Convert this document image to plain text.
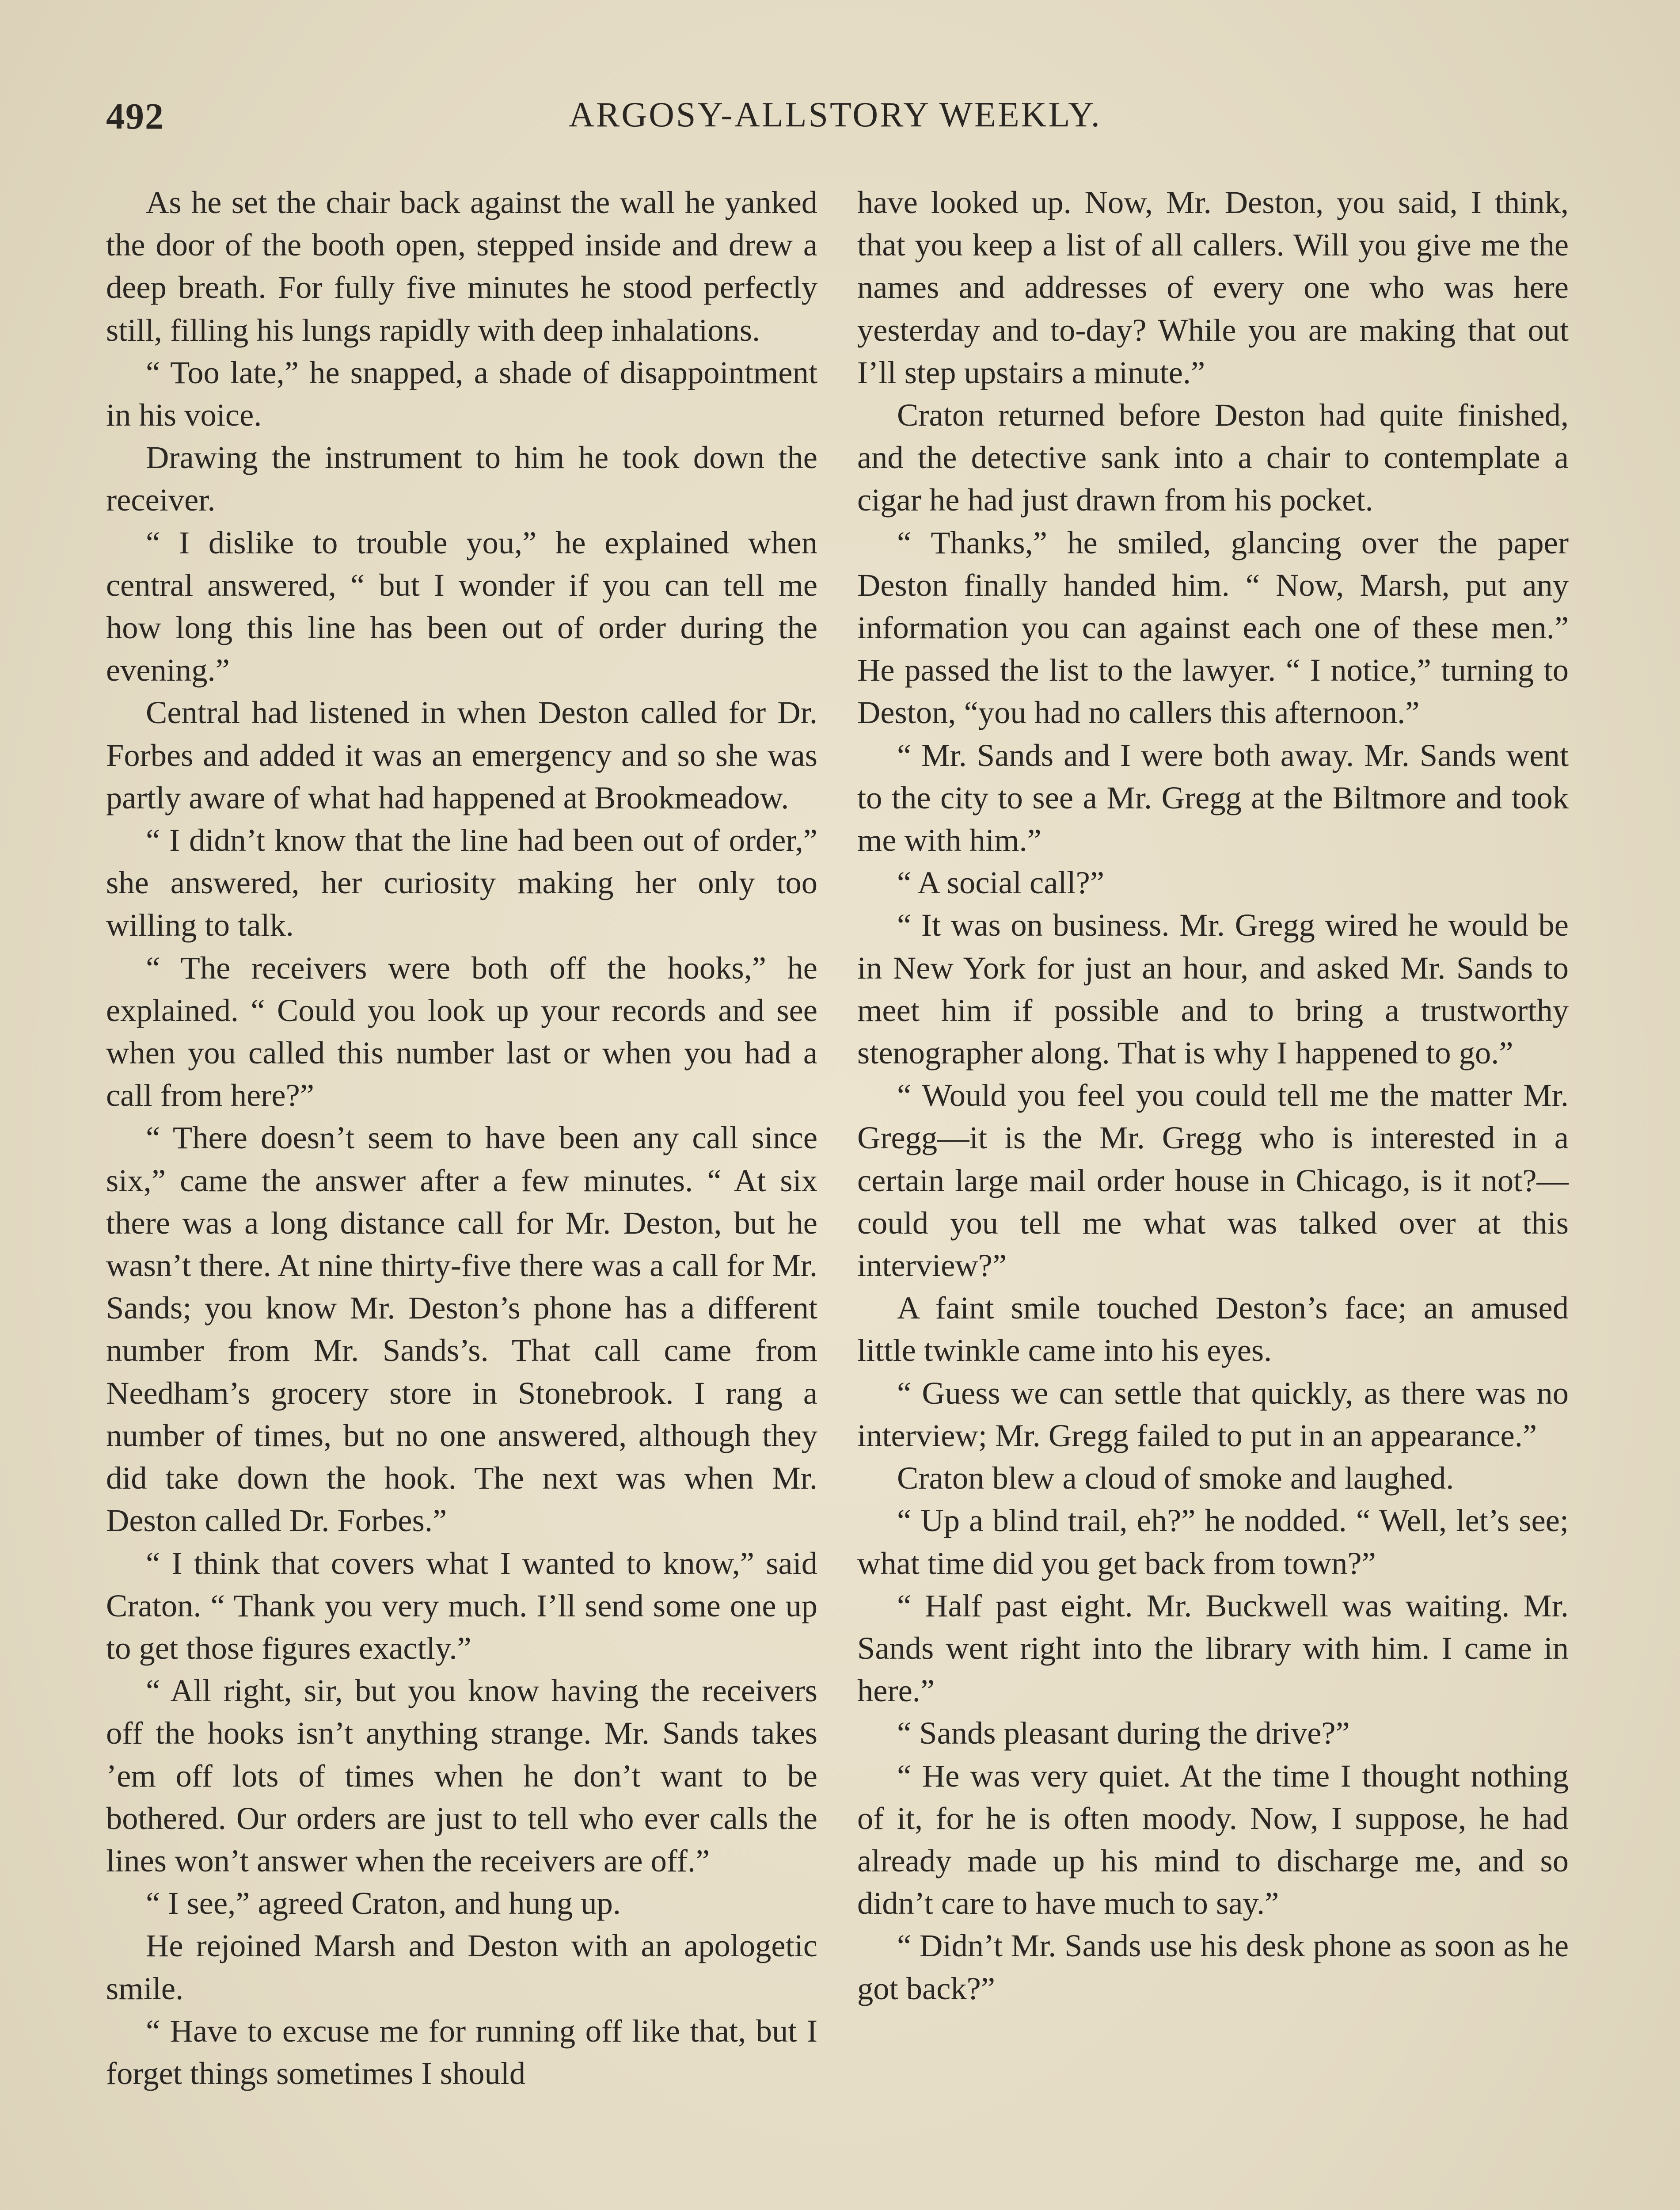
492	ARGOSY-ALLSTORY WEEKLY.

As he set the chair back against the wall he yanked the door of the booth open, stepped inside and drew a deep breath. For fully five minutes he stood perfectly still, filling his lungs rapidly with deep inhalations.

“ Too late,” he snapped, a shade of disappointment in his voice.

Drawing the instrument to him he took down the receiver.

“ I dislike to trouble you,” he explained when central answered, “ but I wonder if you can tell me how long this line has been out of order during the evening.”

Central had listened in when Deston called for Dr. Forbes and added it was an emergency and so she was partly aware of what had happened at Brookmeadow.

“ I didn’t know that the line had been out of order,” she answered, her curiosity making her only too willing to talk.

“ The receivers were both off the hooks,” he explained. “ Could you look up your records and see when you called this number last or when you had a call from here?”

“ There doesn’t seem to have been any call since six,” came the answer after a few minutes. “ At six there was a long distance call for Mr. Deston, but he wasn’t there. At nine thirty-five there was a call for Mr. Sands; you know Mr. Deston’s phone has a different number from Mr. Sands’s. That call came from Needham’s grocery store in Stonebrook. I rang a number of times, but no one answered, although they did take down the hook. The next was when Mr. Deston called Dr. Forbes.”

“ I think that covers what I wanted to know,” said Craton. “ Thank you very much. I’ll send some one up to get those figures exactly.”

“ All right, sir, but you know having the receivers off the hooks isn’t anything strange. Mr. Sands takes ’em off lots of times when he don’t want to be bothered. Our orders are just to tell who ever calls the lines won’t answer when the receivers are off.”

“ I see,” agreed Craton, and hung up.

He rejoined Marsh and Deston with an apologetic smile.

“ Have to excuse me for running off like that, but I forget things sometimes I should

have looked up. Now, Mr. Deston, you said, I think, that you keep a list of all callers. Will you give me the names and addresses of every one who was here yesterday and to-day? While you are making that out I’ll step upstairs a minute.”

Craton returned before Deston had quite finished, and the detective sank into a chair to contemplate a cigar he had just drawn from his pocket.

“ Thanks,” he smiled, glancing over the paper Deston finally handed him. “ Now, Marsh, put any information you can against each one of these men.” He passed the list to the lawyer. “ I notice,” turning to Deston, “you had no callers this afternoon.”

“ Mr. Sands and I were both away. Mr. Sands went to the city to see a Mr. Gregg at the Biltmore and took me with him.”

“ A social call?”

“ It was on business. Mr. Gregg wired he would be in New York for just an hour, and asked Mr. Sands to meet him if possible and to bring a trustworthy stenographer along. That is why I happened to go.”

“ Would you feel you could tell me the matter Mr. Gregg—it is the Mr. Gregg who is interested in a certain large mail order house in Chicago, is it not?—could you tell me what was talked over at this interview?”

A faint smile touched Deston’s face; an amused little twinkle came into his eyes.

“ Guess we can settle that quickly, as there was no interview; Mr. Gregg failed to put in an appearance.”

Craton blew a cloud of smoke and laughed.

“ Up a blind trail, eh?” he nodded. “ Well, let’s see; what time did you get back from town?”

“ Half past eight. Mr. Buckwell was waiting. Mr. Sands went right into the library with him. I came in here.”

“ Sands pleasant during the drive?”

“ He was very quiet. At the time I thought nothing of it, for he is often moody. Now, I suppose, he had already made up his mind to discharge me, and so didn’t care to have much to say.”

“ Didn’t Mr. Sands use his desk phone as soon as he got back?”
